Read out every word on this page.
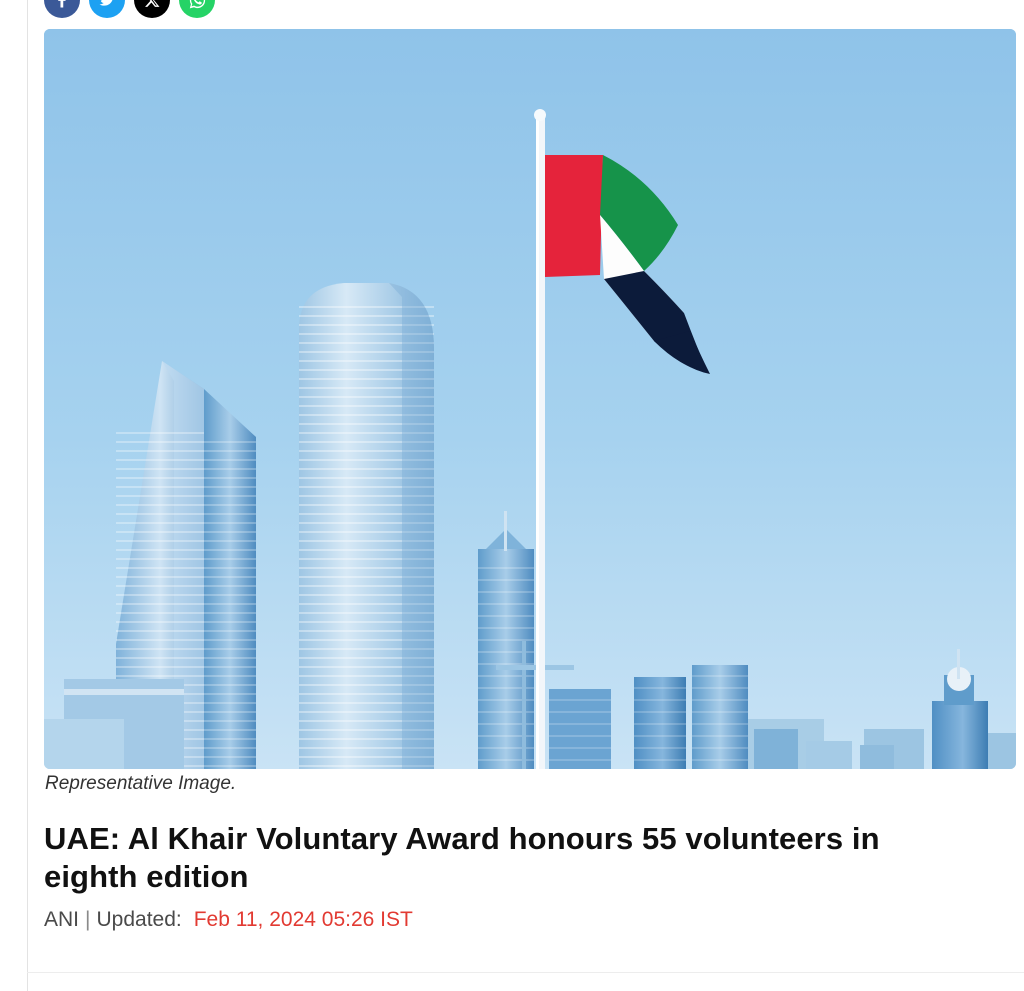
Representative Image.
UAE: Al Khair Voluntary Award honours 55 volunteers in eighth edition
ANI | Updated: Feb 11, 2024 05:26 IST
